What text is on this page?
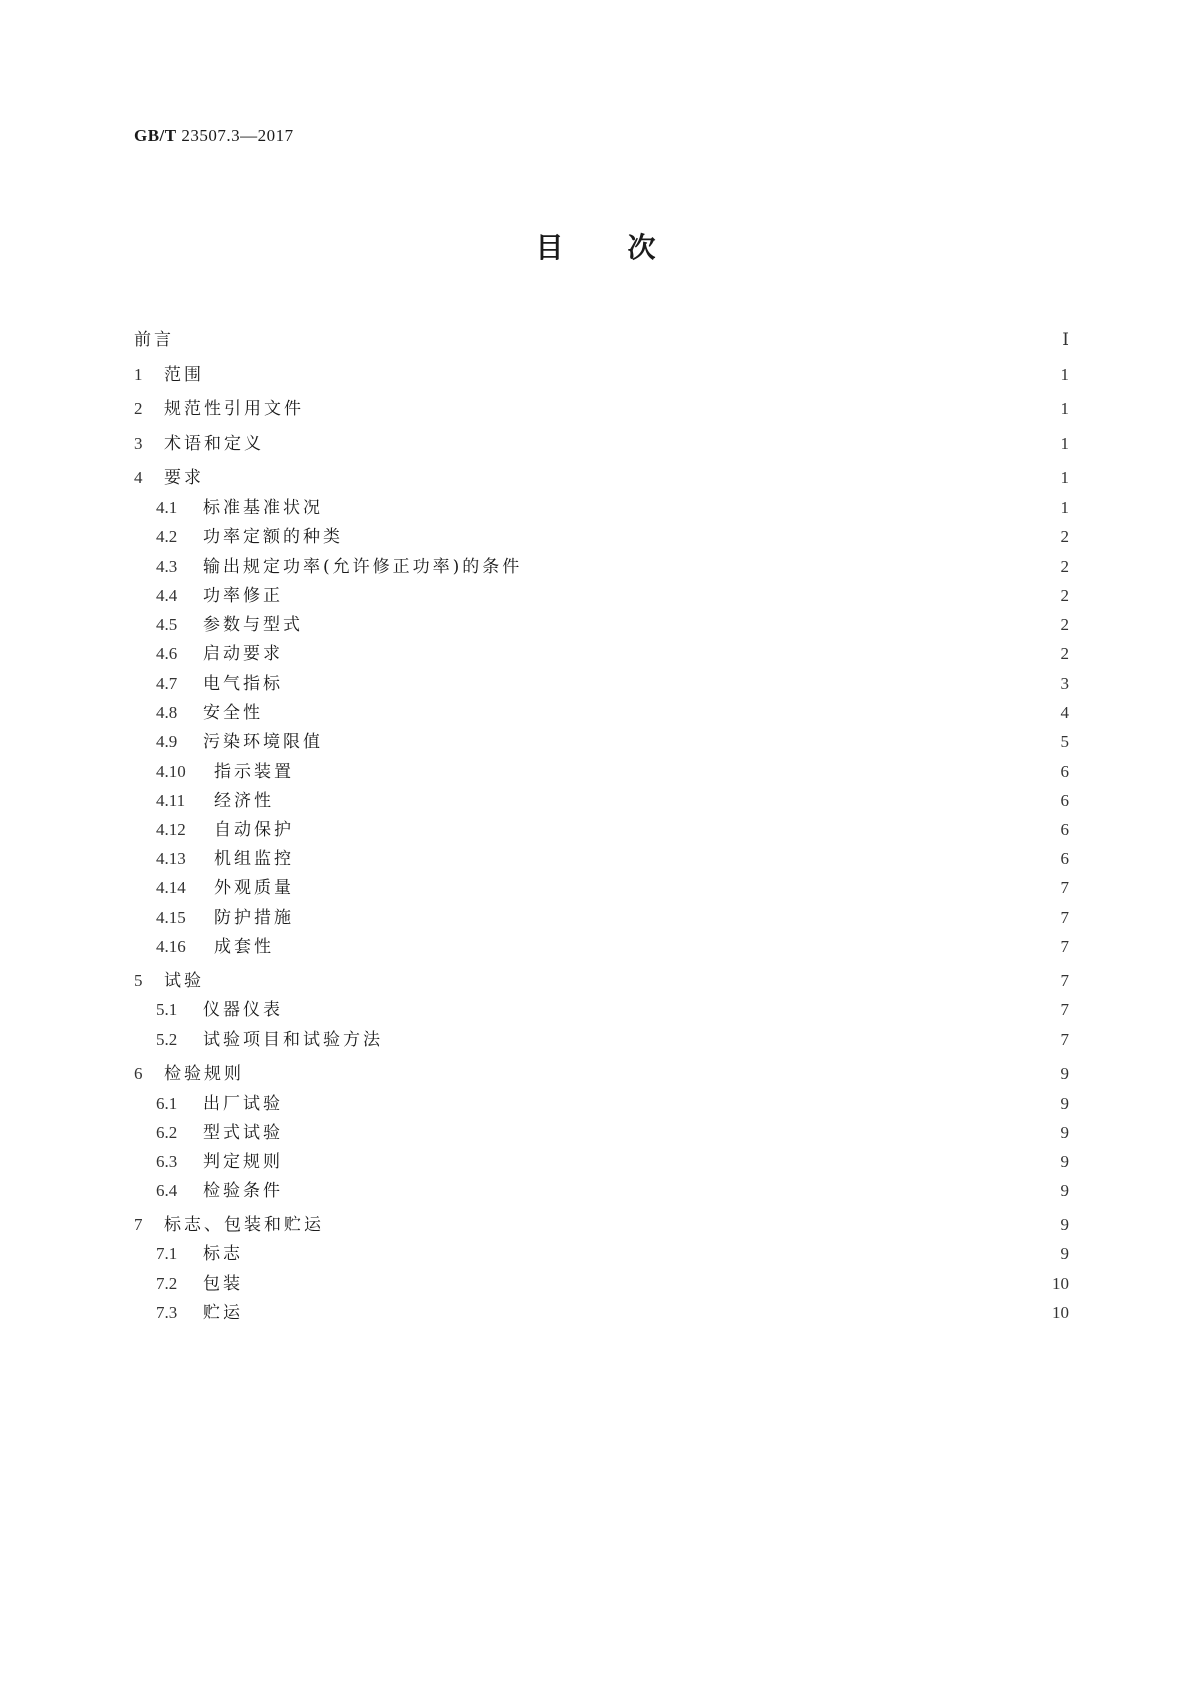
GB/T 23507.3—2017
目次
前言	Ⅰ
1	范围	1
2	规范性引用文件	1
3	术语和定义	1
4	要求	1
4.1	标准基准状况	1
4.2	功率定额的种类	2
4.3	输出规定功率(允许修正功率)的条件	2
4.4	功率修正	2
4.5	参数与型式	2
4.6	启动要求	2
4.7	电气指标	3
4.8	安全性	4
4.9	污染环境限值	5
4.10	指示装置	6
4.11	经济性	6
4.12	自动保护	6
4.13	机组监控	6
4.14	外观质量	7
4.15	防护措施	7
4.16	成套性	7
5	试验	7
5.1	仪器仪表	7
5.2	试验项目和试验方法	7
6	检验规则	9
6.1	出厂试验	9
6.2	型式试验	9
6.3	判定规则	9
6.4	检验条件	9
7	标志、包装和贮运	9
7.1	标志	9
7.2	包装	10
7.3	贮运	10
